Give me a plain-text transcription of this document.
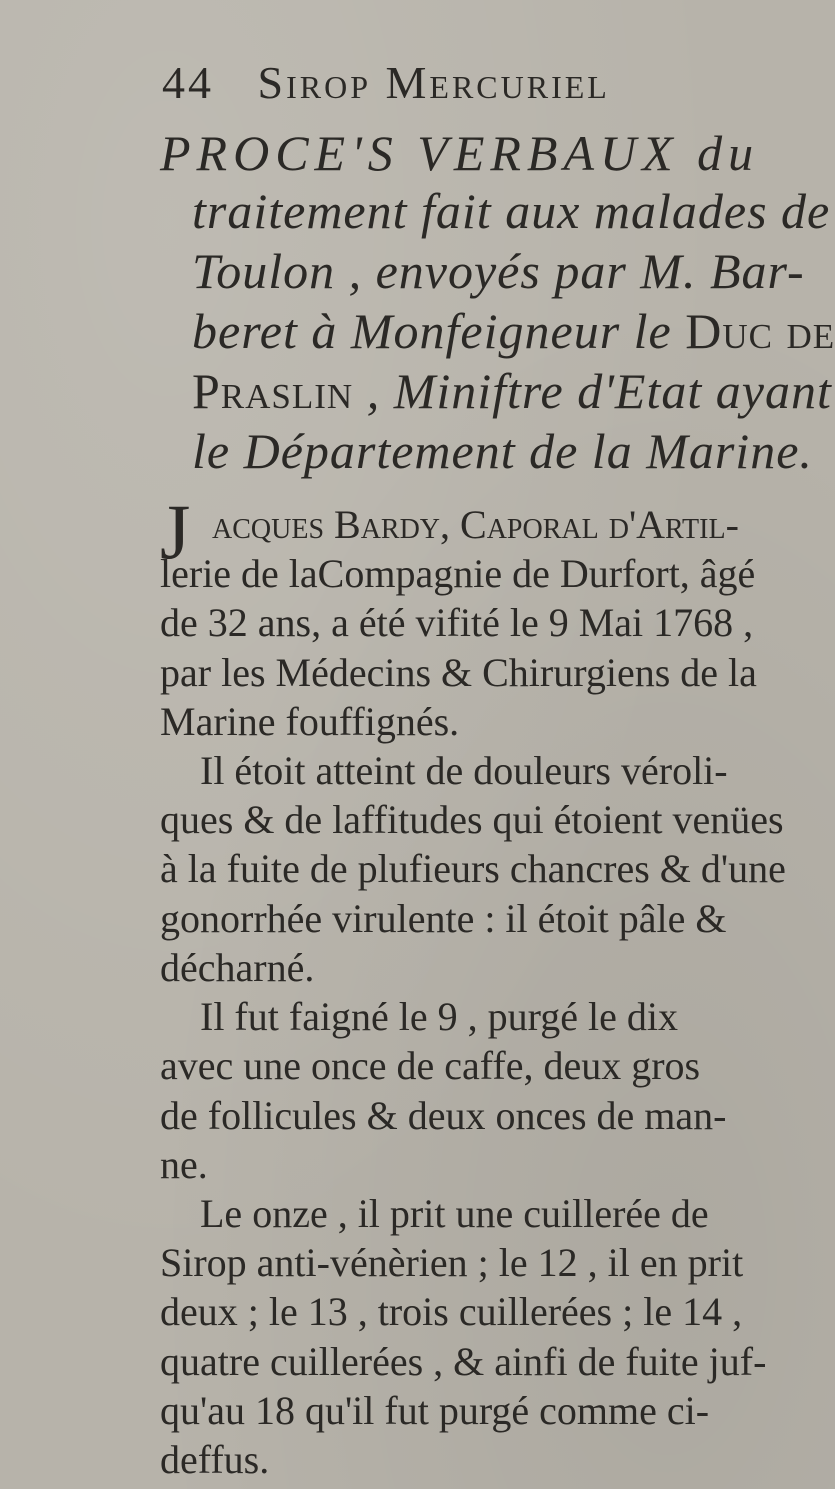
44 Sirop Mercuriel
PROCE'S VERBAUX du
traitement fait aux malades de
Toulon , envoyés par M. Bar-
beret à Monfeigneur le Duc de
Praslin , Miniftre d'Etat ayant
le Département de la Marine.
J acques Bardy, Caporal d'Artil-
lerie de laCompagnie de Durfort, âgé
de 32 ans, a été vifité le 9 Mai 1768 ,
par les Médecins & Chirurgiens de la
Marine fouffignés.
Il étoit atteint de douleurs véroli-
ques & de laffitudes qui étoient venües
à la fuite de plufieurs chancres & d'une
gonorrhée virulente : il étoit pâle &
décharné.
Il fut faigné le 9 , purgé le dix
avec une once de caffe, deux gros
de follicules & deux onces de man-
ne.
Le onze , il prit une cuillerée de
Sirop anti-vénèrien ; le 12 , il en prit
deux ; le 13 , trois cuillerées ; le 14 ,
quatre cuillerées , & ainfi de fuite juf-
qu'au 18 qu'il fut purgé comme ci-
deffus.
